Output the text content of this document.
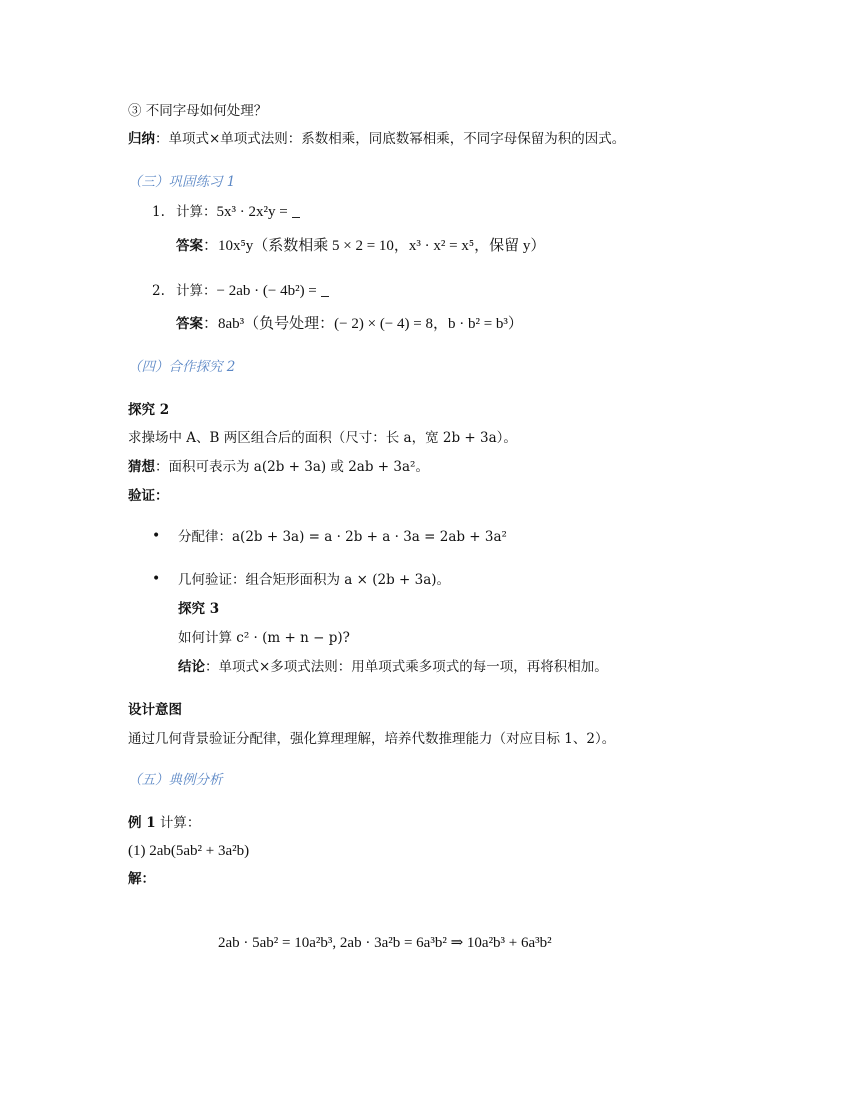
③ 不同字母如何处理？
归纳：单项式×单项式法则：系数相乘，同底数幂相乘，不同字母保留为积的因式。
（三）巩固练习 1
1. 计算：5x³ · 2x²y =
答案：10x⁵y（系数相乘 5 × 2 = 10，x³ · x² = x⁵，保留 y）
2. 计算：− 2ab · (− 4b²) =
答案：8ab³（负号处理：(− 2) × (− 4) = 8，b · b² = b³）
（四）合作探究 2
探究 2
求操场中 A、B 两区组合后的面积（尺寸：长 a，宽 2b + 3a）。
猜想：面积可表示为 a(2b + 3a) 或 2ab + 3a²。
验证：
• 分配律：a(2b + 3a) = a · 2b + a · 3a = 2ab + 3a²
• 几何验证：组合矩形面积为 a × (2b + 3a)。
探究 3
如何计算 c² · (m + n − p)?
结论：单项式×多项式法则：用单项式乘多项式的每一项，再将积相加。
设计意图
通过几何背景验证分配律，强化算理理解，培养代数推理能力（对应目标 1、2）。
（五）典例分析
例 1 计算：
(1) 2ab(5ab² + 3a²b)
解：
2ab · 5ab² = 10a²b³, 2ab · 3a²b = 6a³b² ⇒ 10a²b³ + 6a³b²
